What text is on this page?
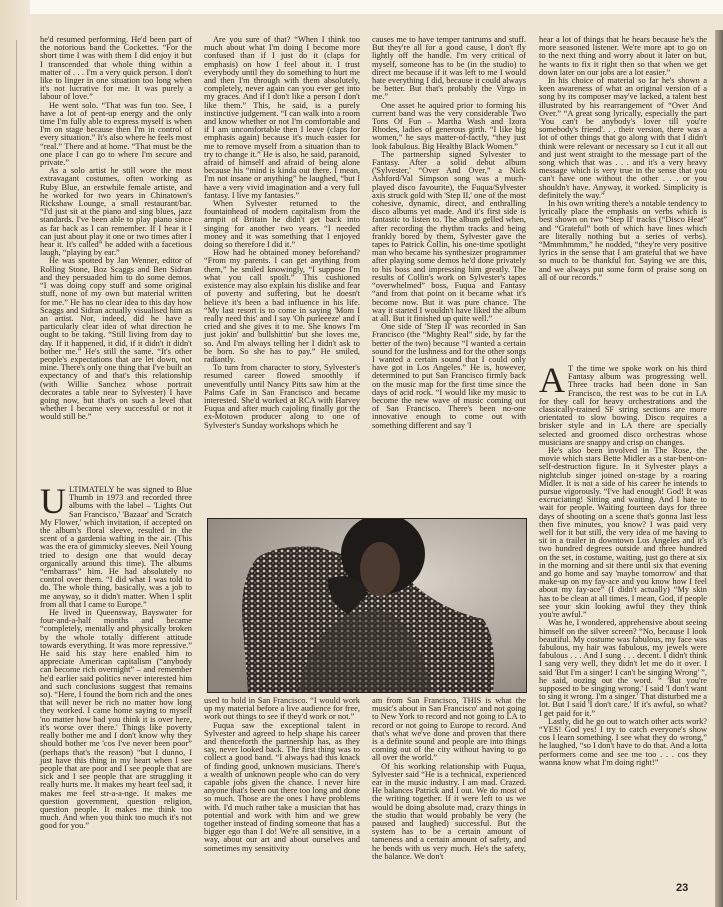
he'd resumed performing. He'd been part of the notorious band the Cockettes. “For the short time I was with them I did enjoy it but I transcended that whole thing within a matter of . . . I'm a very quick person. I don't like to linger in one situation too long when it's not lucrative for me. It was purely a labour of love.”

He went solo. “That was fun too. See, I have a lot of pent-up energy and the only time I'm fully able to express myself is when I'm on stage because then I'm in control of every situation.” It's also where he feels most “real.” There and at home. “That must be the one place I can go to where I'm secure and private.”

As a solo artist he still wore the most extravagant costumes, often working as Ruby Blue, an erstwhile female artiste, and he worked for two years in Chinatown's Rickshaw Lounge, a small restaurant/bar. “I'd just sit at the piano and sing blues, jazz standards. I've been able to play piano since as far back as I can remember. If I hear it I can just about play it one or two times after I hear it. It's called” he added with a facetious laugh, “playing by ear.”

He was spotted by Jan Wenner, editor of Rolling Stone, Boz Scaggs and Ben Sidran and they persuaded him to do some demos. “I was doing copy stuff and some original stuff, none of my own but material written for me.” He has no clear idea to this day how Scaggs and Sidran actually visualised him as an artist. Nor, indeed, did he have a particularly clear idea of what direction he ought to be taking. “Still living from day to day. If it happened, it did, if it didn't it didn't bother me.” He's still the same. “It's other people's expectations that are let down, not mine. There's only one thing that I've built an expectancy of and that's this relationship (with Willie Sanchez whose portrait decorates a table near to Sylvester) I have going now, but that's on such a level that whether I became very successful or not it would still be.”

ULTIMATELY he was signed to Blue Thumb in 1973 and recorded three albums with the label – 'Lights Out San Francisco,' 'Bazaar' and 'Scratch My Flower,' which invitation, if accepted on the album's floral sleeve, resulted in the scent of a gardenia wafting in the air. (This was the era of gimmicky sleeves. Neil Young tried to design one that would decay organically around this time). The albums “embarrass” him. He had absolutely no control over them. “I did what I was told to do. The whole thing, basically, was a job to me anyway, so it didn't matter. When I split from all that I came to Europe.”

He lived in Queensway, Bayswater for four-and-a-half months and became “completely, mentally and physically broken by the whole totally different attitude towards everything. It was more repressive.” He said his stay here enabled him to appreciate American capitalism (“anybody can become rich overnight” – and remember he'd earlier said politics never interested him and such conclusions suggest that remains so). “Here, I found the born rich and the ones that will never be rich no matter how long they worked. I came home saying to myself 'no matter how bad you think it is over here, it's worse over there.' Things like poverty really bother me and I don't know why they should bother me 'cos I've never been poor” (perhaps that's the reason) “but I dunno, I just have this thing in my heart when I see people that are poor and I see people that are sick and I see people that are struggling it really hurts me. It makes my heart feel sad, it makes me feel str-a-a-nge. It makes me question government, question religion, question people. It makes me think too much. And when you think too much it's not good for you.”

Are you sure of that? “When I think too much about what I'm doing I become more confused than if I just do it (claps for emphasis) on how I feel about it. I trust everybody until they do something to hurt me and then I'm through with them absolutely, completely, never again can you ever get into my graces. And if I don't like a person I don't like them.” This, he said, is a purely instinctive judgement. “I can walk into a room and know whether or not I'm comfortable and if I am uncomfortable then I leave (claps for emphasis again) because it's much easier for me to remove myself from a situation than to try to change it.” He is also, he said, paranoid, afraid of himself and afraid of being alone because his “mind is kinda out there. I mean, I'm not insane or anything” he laughed, “but I have a very vivid imagination and a very full fantasy. I live my fantasies.”

When Sylvester returned to the fountainhead of modern capitalism from the armpit of Britain he didn't get back into singing for another two years. “I needed money and it was something that I enjoyed doing so therefore I did it.”

How had he obtained money beforehand? “From my parents. I can get anything from them,” he smiled knowingly, “I suppose I'm what you call spoilt.” This cushioned existence may also explain his dislike and fear of poverty and suffering, but he doesn't believe it's been a bad influence in his life. “My last resort is to come in saying 'Mom I really need this' and I say 'Oh purleeeze' and I cried and she gives it to me. She knows I'm just jokin' and bullshittin' but she loves me, so. And I'm always telling her I didn't ask to be born. So she has to pay.” He smiled, radiantly.

To turn from character to story, Sylvester's resumed career flowed smoothly if uneventfully until Nancy Pitts saw him at the Palms Cafe in San Francisco and became interested. She'd worked at RCA with Harvey Fuqua and after much cajoling finally got the ex-Motown producer along to one of Sylvester's Sunday workshops which he

used to hold in San Francisco. “I would work up my material before a live audience for free, work out things to see if they'd work or not.”

Fuqua saw the exceptional talent in Sylvester and agreed to help shape his career and thenceforth the partnership has, as they say, never looked back. The first thing was to collect a good band. “I always had this knack of finding good, unknown musicians. There's a wealth of unknown people who can do very capable jobs given the chance. I never hire anyone that's been out there too long and done so much. Those are the ones I have problems with. I'd much rather take a musician that has potential and work with him and we grew together instead of finding someone that has a bigger ego than I do! We're all sensitive, in a way, about our art and about ourselves and sometimes my sensitivity

causes me to have temper tantrums and stuff. But they're all for a good cause, I don't fly lightly off the handle. I'm very critical of myself, someone has to be (in the studio) to direct me because if it was left to me I would hate everything I did, because it could always be better. But that's probably the Virgo in me.”

One asset he aquired prior to forming his current band was the very considerable Two Tons Of Fun – Martha Wash and Izora Rhodes, ladies of generous girth. “I like big women,” he says matter-of-factly, “they just look fabulous. Big Healthy Black Women.”

The partnership signed Sylvester to Fantasy. After a solid debut album ('Sylvester,' “Over And Over,” a Nick Ashford/Val Simpson song was a much-played disco favourite), the Fuqua/Sylvester axis struck gold with 'Step II,' one of the most cohesive, dynamic, direct, and enthralling disco albums yet made. And it's first side is fantastic to listen to. The album gelled when, after recording the rhythm tracks and being frankly bored by them, Sylvester gave the tapes to Patrick Collin, his one-time spotlight man who became his synthesizer programmer after playing some demos he'd done privately to his boss and impressing him greatly. The results of Collin's work on Sylvester's tapes “overwhelmed” boss, Fuqua and Fantasy “and from that point on it became what it's become now. But it was pure chance. The way it started I wouldn't have liked the album at all. But it finished up quite well.”

One side of 'Step II' was recorded in San Francisco (the “Mighty Real” side, by far the better of the two) because “I wanted a certain sound for the lushness and for the other songs I wanted a certain sound that I could only have got in Los Angeles.” He is, however, determined to put San Francisco firmly back on the music map for the first time since the days of acid rock. “I would like my music to become the new wave of music coming out of San Francisco. There's been no-one innovative enough to come out with something different and say 'I

am from San Francisco, THIS is what the music's about in San Francisco' and not going to New York to record and not going to LA to record or not going to Europe to record. And that's what we've done and proven that there is a definite sound and people are into things coming out of the city without having to go all over the world.”

Of his working relationship with Fuqua, Sylvester said “He is a technical, experienced ear in the music industry. I am mad. Crazed. He balances Patrick and I out. We do most of the writing together. If it were left to us we would be doing absolute mad, crazy things in the studio that would probably be very (he paused and laughed) successful. But the system has to be a certain amount of tameness and a certain amount of safety, and he bends with us very much. He's the safety, the balance. We don't

hear a lot of things that he hears because he's the more seasoned listener. We're more apt to go on to the next thing and worry about it later on but, he wants to fix it right then so that when we get down later on our jobs are a lot easier.”

In his choice of material so far he's shown a keen awareness of what an original version of a song by its composer may've lacked, a talent best illustrated by his rearrangement of “Over And Over.” “A great song lyrically, especially the part 'You can't be anybody's lover till you're somebody's friend'. . . their version, there was a lot of other things that go along with that I didn't think were relevant or necessary so I cut it all out and just went straight to the message part of the song which that was . . . and it's a very heavy message which is very true in the sense that you can't have one without the other . . . or you shouldn't have. Anyway, it worked. Simplicity is definitely the way.”

In his own writing there's a notable tendency to lyrically place the emphasis on verbs which is best shown on two “Step II' tracks (“Disco Heat” and “Grateful” both of which have lines which are literally nothing but a series of verbs). “Mmmhmmm,” he nodded, “they're very positive lyrics in the sense that I am grateful that we have so much to be thankful for. Saying we are this, and we always put some form of praise song on all of our records.”

A T the time we spoke work on his third Fantasy album was progressing well. Three tracks had been done in San Francisco, the rest was to be cut in LA for they call for heavy orchestrations and the classically-trained SF string sections are more orientated to slow bowing. Disco requires a brisker style and in LA there are specially selected and groomed disco orchestras whose musicians are snappy and crisp on changes.

He's also been involved in The Rose, the movie which stars Bette Midler as a star-bent-on-self-destruction figure. In it Sylvester plays a nightclub singer joined on-stage by a roaring Midler. It is not a side of his career he intends to pursue vigorously. “I've had enough! God! It was excruciating! Sitting and waiting. And I hate to wait for people. Waiting fourteen days for three days of shooting on a scene that's gonna last less then five minutes, you know? I was paid very well for it but still, the very idea of me having to sit in a trailer in downtown Los Angeles and it's two hundred degrees outside and three hundred on the set, in costume, waiting, just go there at six in the morning and sit there until six that evening and go home and say 'maybe tomorrow' and that make-up on my fay-ace and you know how I feel about my fay-ace” (I didn't actually) “My skin has to be clean at all times. I mean, God, if people see your skin looking awful they they think you're awful.”

Was he, I wondered, apprehensive about seeing himself on the silver screen? “No, because I look beautiful. My costume was fabulous, my face was fabulous, my hair was fabulous, my jewels were fabulous . . . And I sung . . . decent. I didn't think I sang very well, they didn't let me do it over. I said 'But I'm a singer! I can't be singing Wrong' ”, he said, oozing out the word. “ 'But you're supposed to be singing wrong.' I said 'I don't want to sing it wrong. I'm a singer.' That disturbed me a lot. But I said 'I don't care.' If it's awful, so what? I get paid for it.”

Lastly, did he go out to watch other acts work? “YES! God yes! I try to catch everyone's show cos I learn something. I see what they do wrong,” he laughed, “so I don't have to do that. And a lotta performers come and see me too . . . cos they wanna know what I'm doing right!”

23
